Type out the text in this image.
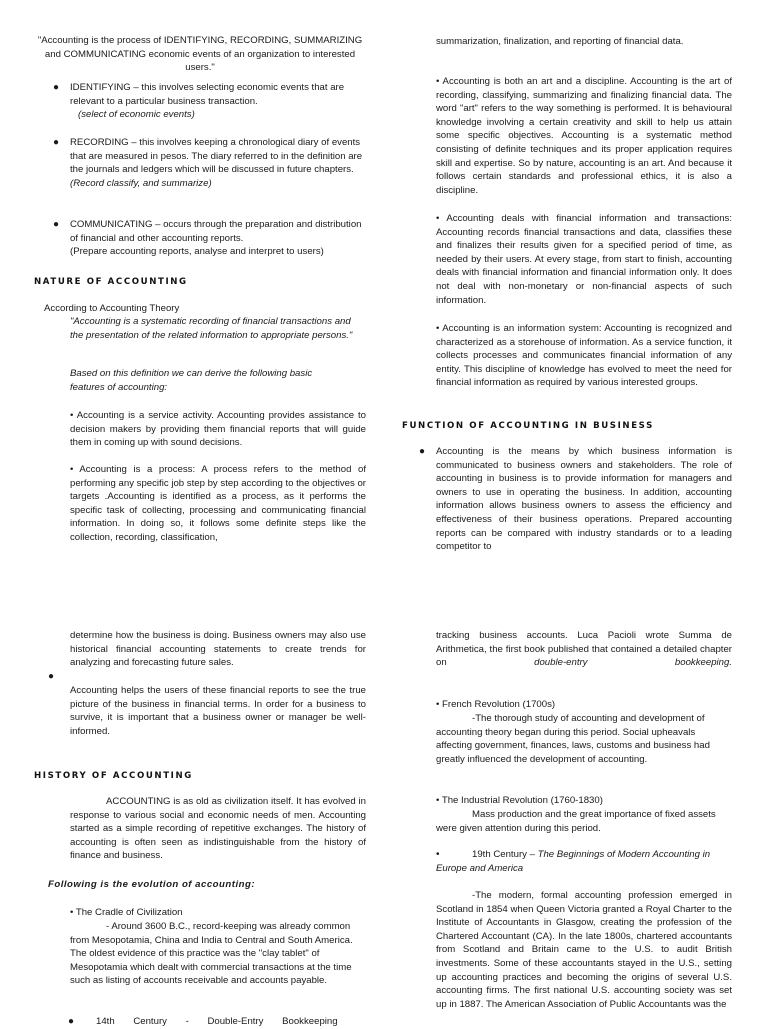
"Accounting is the process of IDENTIFYING, RECORDING, SUMMARIZING and COMMUNICATING economic events of an organization to interested users."

● IDENTIFYING – this involves selecting economic events that are relevant to a particular business transaction.

(select of economic events)

● RECORDING – this involves keeping a chronological diary of events that are measured in pesos. The diary referred to in the definition are the journals and ledgers which will be discussed in future chapters.

(Record classify, and summarize)

● COMMUNICATING – occurs through the preparation and distribution of financial and other accounting reports.

(Prepare accounting reports, analyse and interpret to users)

NATURE OF ACCOUNTING

According to Accounting Theory

"Accounting is a systematic recording of financial transactions and the presentation of the related information to appropriate persons."

Based on this definition we can derive the following basic features of accounting:

• Accounting is a service activity. Accounting provides assistance to decision makers by providing them financial reports that will guide them in coming up with sound decisions.

• Accounting is a process: A process refers to the method of performing any specific job step by step according to the objectives or targets .Accounting is identified as a process, as it performs the specific task of collecting, processing and communicating financial information. In doing so, it follows some definite steps like the collection, recording, classification,

summarization, finalization, and reporting of financial data.

• Accounting is both an art and a discipline. Accounting is the art of recording, classifying, summarizing and finalizing financial data. The word "art" refers to the way something is performed. It is behavioural knowledge involving a certain creativity and skill to help us attain some specific objectives. Accounting is a systematic method consisting of definite techniques and its proper application requires skill and expertise. So by nature, accounting is an art. And because it follows certain standards and professional ethics, it is also a discipline.

• Accounting deals with financial information and transactions: Accounting records financial transactions and data, classifies these and finalizes their results given for a specified period of time, as needed by their users. At every stage, from start to finish, accounting deals with financial information and financial information only. It does not deal with non-monetary or non-financial aspects of such information.

• Accounting is an information system: Accounting is recognized and characterized as a storehouse of information. As a service function, it collects processes and communicates financial information of any entity. This discipline of knowledge has evolved to meet the need for financial information as required by various interested groups.

FUNCTION OF ACCOUNTING IN BUSINESS

● Accounting is the means by which business information is communicated to business owners and stakeholders. The role of accounting in business is to provide information for managers and owners to use in operating the business. In addition, accounting information allows business owners to assess the efficiency and effectiveness of their business operations. Prepared accounting reports can be compared with industry standards or to a leading competitor to

determine how the business is doing. Business owners may also use historical financial accounting statements to create trends for analyzing and forecasting future sales.

●

Accounting helps the users of these financial reports to see the true picture of the business in financial terms. In order for a business to survive, it is important that a business owner or manager be well-informed.

HISTORY OF ACCOUNTING

ACCOUNTING is as old as civilization itself. It has evolved in response to various social and economic needs of men. Accounting started as a simple recording of repetitive exchanges. The history of accounting is often seen as indistinguishable from the history of finance and business.

Following is the evolution of accounting:

• The Cradle of Civilization

- Around 3600 B.C., record-keeping was already common from Mesopotamia, China and India to Central and South America. The oldest evidence of this practice was the "clay tablet" of Mesopotamia which dealt with commercial transactions at the time such as listing of accounts receivable and accounts payable.

● 14th Century - Double-Entry Bookkeeping

tracking business accounts. Luca Pacioli wrote Summa de Arithmetica, the first book published that contained a detailed chapter on	double-entry bookkeeping.

• French Revolution (1700s)

-The thorough study of accounting and development of accounting theory began during this period. Social upheavals affecting government, finances, laws, customs and business had greatly influenced the development of accounting.

• The Industrial Revolution (1760-1830)

Mass production and the great importance of fixed assets were given attention during this period.

•	19th Century – The Beginnings of Modern Accounting in Europe and America

-The modern, formal accounting profession emerged in Scotland in 1854 when Queen Victoria granted a Royal Charter to the Institute of Accountants in Glasgow, creating the profession of the Chartered Accountant (CA). In the late 1800s, chartered accountants from Scotland and Britain came to the U.S. to audit British investments. Some of these accountants stayed in the U.S., setting up accounting practices and becoming the origins of several U.S. accounting firms. The first national U.S. accounting society was set up in 1887. The American Association of Public Accountants was the
